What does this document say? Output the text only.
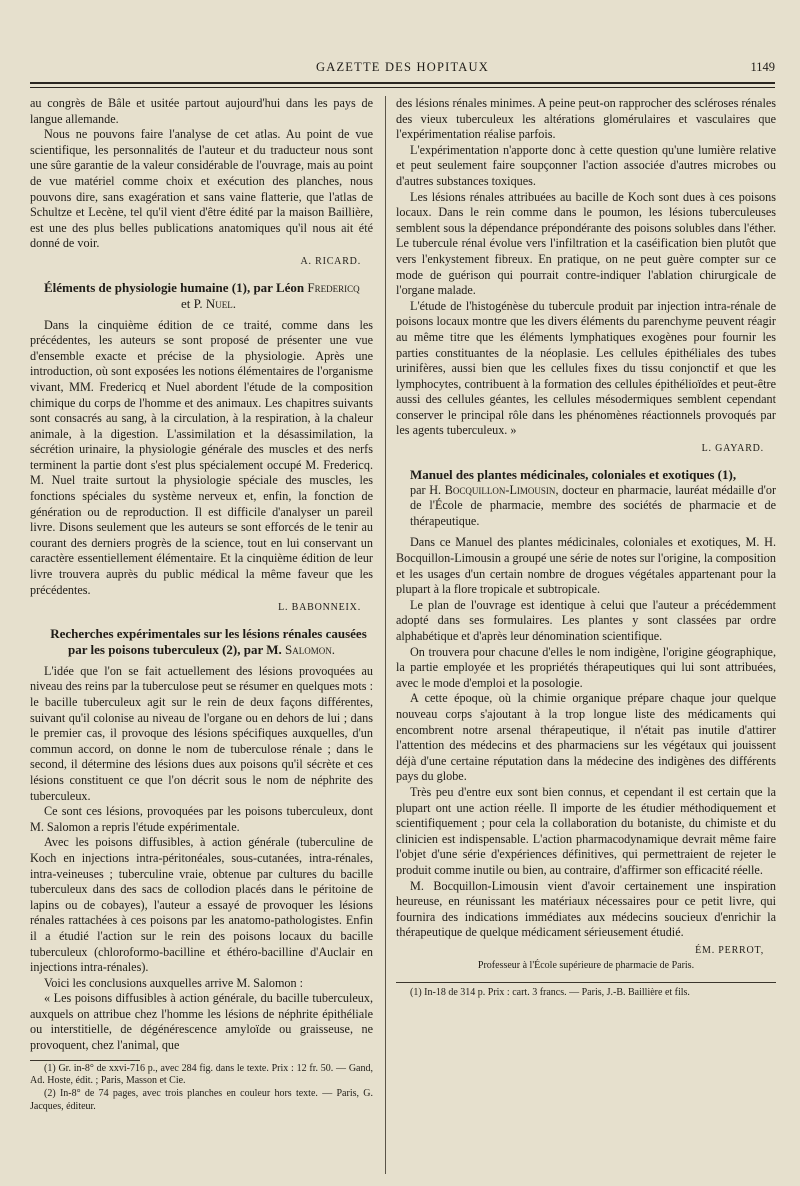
GAZETTE DES HOPITAUX	1149

au congrès de Bâle et usitée partout aujourd'hui dans les pays de langue allemande.

Nous ne pouvons faire l'analyse de cet atlas. Au point de vue scientifique, les personnalités de l'auteur et du traducteur nous sont une sûre garantie de la valeur considérable de l'ouvrage, mais au point de vue matériel comme choix et exécution des planches, nous pouvons dire, sans exagération et sans vaine flatterie, que l'atlas de Schultze et Lecène, tel qu'il vient d'être édité par la maison Baillière, est une des plus belles publications anatomiques qu'il nous ait été donné de voir.

A. RICARD.

Éléments de physiologie humaine (1), par Léon Fredericq

et P. Nuel.

Dans la cinquième édition de ce traité, comme dans les précédentes, les auteurs se sont proposé de présenter une vue d'ensemble exacte et précise de la physiologie. Après une introduction, où sont exposées les notions élémentaires de l'organisme vivant, MM. Fredericq et Nuel abordent l'étude de la composition chimique du corps de l'homme et des animaux. Les chapitres suivants sont consacrés au sang, à la circulation, à la respiration, à la chaleur animale, à la digestion. L'assimilation et la désassimilation, la sécrétion urinaire, la physiologie générale des muscles et des nerfs terminent la partie dont s'est plus spécialement occupé M. Fredericq. M. Nuel traite surtout la physiologie spéciale des muscles, les fonctions spéciales du système nerveux et, enfin, la fonction de génération ou de reproduction. Il est difficile d'analyser un pareil livre. Disons seulement que les auteurs se sont efforcés de le tenir au courant des derniers progrès de la science, tout en lui conservant un caractère essentiellement élémentaire. Et la cinquième édition de leur livre trouvera auprès du public médical la même faveur que les précédentes.

L. BABONNEIX.

Recherches expérimentales sur les lésions rénales causées par les poisons tuberculeux (2), par M. Salomon.

L'idée que l'on se fait actuellement des lésions provoquées au niveau des reins par la tuberculose peut se résumer en quelques mots : le bacille tuberculeux agit sur le rein de deux façons différentes, suivant qu'il colonise au niveau de l'organe ou en dehors de lui ; dans le premier cas, il provoque des lésions spécifiques auxquelles, d'un commun accord, on donne le nom de tuberculose rénale ; dans le second, il détermine des lésions dues aux poisons qu'il sécrète et ces lésions constituent ce que l'on décrit sous le nom de néphrite des tuberculeux.

Ce sont ces lésions, provoquées par les poisons tuberculeux, dont M. Salomon a repris l'étude expérimentale.

Avec les poisons diffusibles, à action générale (tuberculine de Koch en injections intra-péritonéales, sous-cutanées, intra-rénales, intra-veineuses ; tuberculine vraie, obtenue par cultures du bacille tuberculeux dans des sacs de collodion placés dans le péritoine de lapins ou de cobayes), l'auteur a essayé de provoquer les lésions rénales rattachées à ces poisons par les anatomo-pathologistes. Enfin il a étudié l'action sur le rein des poisons locaux du bacille tuberculeux (chloroformo-bacilline et éthéro-bacilline d'Auclair en injections intra-rénales).

Voici les conclusions auxquelles arrive M. Salomon :

« Les poisons diffusibles à action générale, du bacille tuberculeux, auxquels on attribue chez l'homme les lésions de néphrite épithéliale ou interstitielle, de dégénérescence amyloïde ou graisseuse, ne provoquent, chez l'animal, que

(1) Gr. in-8° de xxvi-716 p., avec 284 fig. dans le texte. Prix : 12 fr. 50. — Gand, Ad. Hoste, édit. ; Paris, Masson et Cie.

(2) In-8° de 74 pages, avec trois planches en couleur hors texte. — Paris, G. Jacques, éditeur.

des lésions rénales minimes. A peine peut-on rapprocher des scléroses rénales des vieux tuberculeux les altérations glomérulaires et vasculaires que l'expérimentation réalise parfois.

L'expérimentation n'apporte donc à cette question qu'une lumière relative et peut seulement faire soupçonner l'action associée d'autres microbes ou d'autres substances toxiques.

Les lésions rénales attribuées au bacille de Koch sont dues à ces poisons locaux. Dans le rein comme dans le poumon, les lésions tuberculeuses semblent sous la dépendance prépondérante des poisons solubles dans l'éther. Le tubercule rénal évolue vers l'infiltration et la caséification bien plutôt que vers l'enkystement fibreux. En pratique, on ne peut guère compter sur ce mode de guérison qui pourrait contre-indiquer l'ablation chirurgicale de l'organe malade.

L'étude de l'histogénèse du tubercule produit par injection intra-rénale de poisons locaux montre que les divers éléments du parenchyme peuvent réagir au même titre que les éléments lymphatiques exogènes pour fournir les parties constituantes de la néoplasie. Les cellules épithéliales des tubes urinifères, aussi bien que les cellules fixes du tissu conjonctif et que les lymphocytes, contribuent à la formation des cellules épithélioïdes et peut-être aussi des cellules géantes, les cellules mésodermiques semblent cependant conserver le principal rôle dans les phénomènes réactionnels provoqués par les agents tuberculeux. »

L. GAYARD.

Manuel des plantes médicinales, coloniales et exotiques (1),

par H. Bocquillon-Limousin, docteur en pharmacie, lauréat médaille d'or de l'École de pharmacie, membre des sociétés de pharmacie et de thérapeutique.

Dans ce Manuel des plantes médicinales, coloniales et exotiques, M. H. Bocquillon-Limousin a groupé une série de notes sur l'origine, la composition et les usages d'un certain nombre de drogues végétales appartenant pour la plupart à la flore tropicale et subtropicale.

Le plan de l'ouvrage est identique à celui que l'auteur a précédemment adopté dans ses formulaires. Les plantes y sont classées par ordre alphabétique et d'après leur dénomination scientifique.

On trouvera pour chacune d'elles le nom indigène, l'origine géographique, la partie employée et les propriétés thérapeutiques qui lui sont attribuées, avec le mode d'emploi et la posologie.

A cette époque, où la chimie organique prépare chaque jour quelque nouveau corps s'ajoutant à la trop longue liste des médicaments qui encombrent notre arsenal thérapeutique, il n'était pas inutile d'attirer l'attention des médecins et des pharmaciens sur les végétaux qui jouissent déjà d'une certaine réputation dans la médecine des indigènes des différents pays du globe.

Très peu d'entre eux sont bien connus, et cependant il est certain que la plupart ont une action réelle. Il importe de les étudier méthodiquement et scientifiquement ; pour cela la collaboration du botaniste, du chimiste et du clinicien est indispensable. L'action pharmacodynamique devrait même faire l'objet d'une série d'expériences définitives, qui permettraient de rejeter le produit comme inutile ou bien, au contraire, d'affirmer son efficacité réelle.

M. Bocquillon-Limousin vient d'avoir certainement une inspiration heureuse, en réunissant les matériaux nécessaires pour ce petit livre, qui fournira des indications immédiates aux médecins soucieux d'enrichir la thérapeutique de quelque médicament sérieusement étudié.

ÉM. PERROT,
Professeur à l'École supérieure de pharmacie de Paris.

(1) In-18 de 314 p. Prix : cart. 3 francs. — Paris, J.-B. Baillière et fils.
